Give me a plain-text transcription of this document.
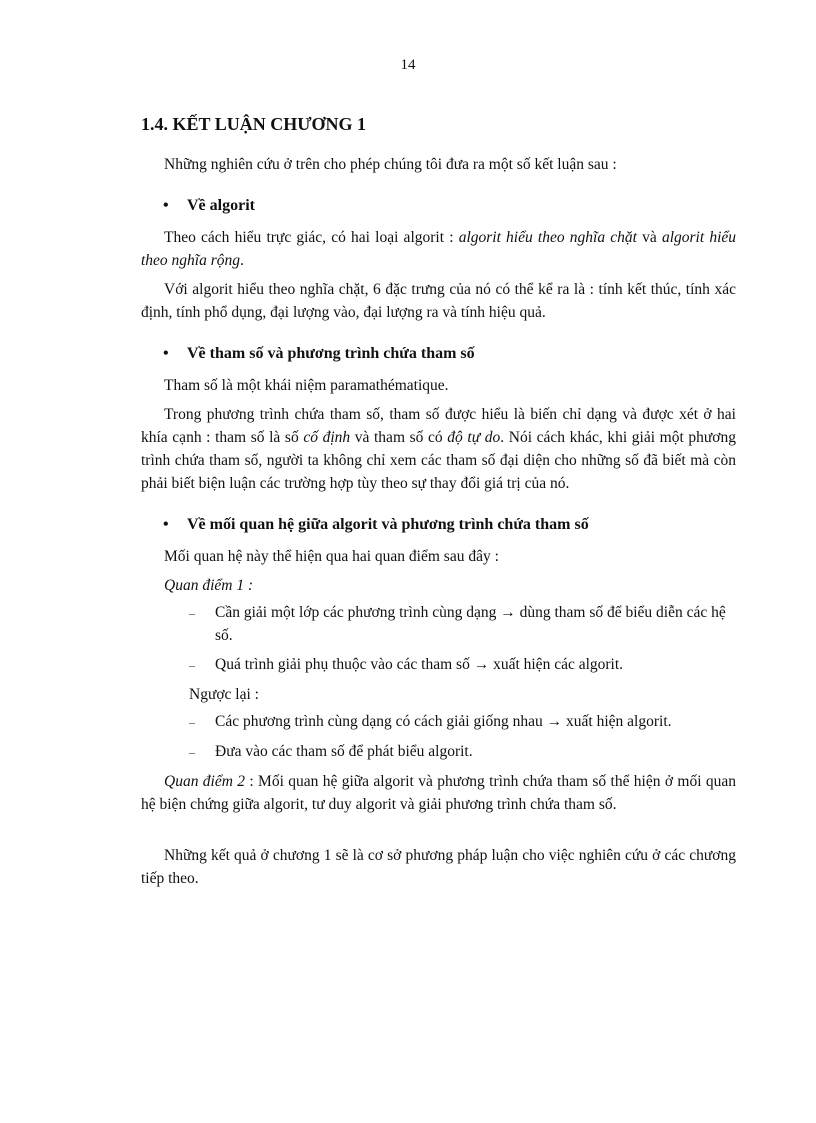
14
1.4. KẾT LUẬN CHƯƠNG 1

Những nghiên cứu ở trên cho phép chúng tôi đưa ra một số kết luận sau :

•	Về algorit

Theo cách hiểu trực giác, có hai loại algorit : algorit hiểu theo nghĩa chặt và algorit hiểu theo nghĩa rộng.

Với algorit hiểu theo nghĩa chặt, 6 đặc trưng của nó có thể kể ra là : tính kết thúc, tính xác định, tính phổ dụng, đại lượng vào, đại lượng ra và tính hiệu quả.

•	Về tham số và phương trình chứa tham số

Tham số là một khái niệm paramathématique.

Trong phương trình chứa tham số, tham số được hiểu là biến chỉ dạng và được xét ở hai khía cạnh : tham số là số cố định và tham số có độ tự do. Nói cách khác, khi giải một phương trình chứa tham số, người ta không chỉ xem các tham số đại diện cho những số đã biết mà còn phải biết biện luận các trường hợp tùy theo sự thay đổi giá trị của nó.

•	Về mối quan hệ giữa algorit và phương trình chứa tham số

Mối quan hệ này thể hiện qua hai quan điểm sau đây :

Quan điểm 1 :

–	Cần giải một lớp các phương trình cùng dạng → dùng tham số để biểu diễn các hệ số.
–	Quá trình giải phụ thuộc vào các tham số → xuất hiện các algorit.

Ngược lại :

–	Các phương trình cùng dạng có cách giải giống nhau → xuất hiện algorit.
–	Đưa vào các tham số để phát biểu algorit.

Quan điểm 2 : Mối quan hệ giữa algorit và phương trình chứa tham số thể hiện ở mối quan hệ biện chứng giữa algorit, tư duy algorit và giải phương trình chứa tham số.

Những kết quả ở chương 1 sẽ là cơ sở phương pháp luận cho việc nghiên cứu ở các chương tiếp theo.
